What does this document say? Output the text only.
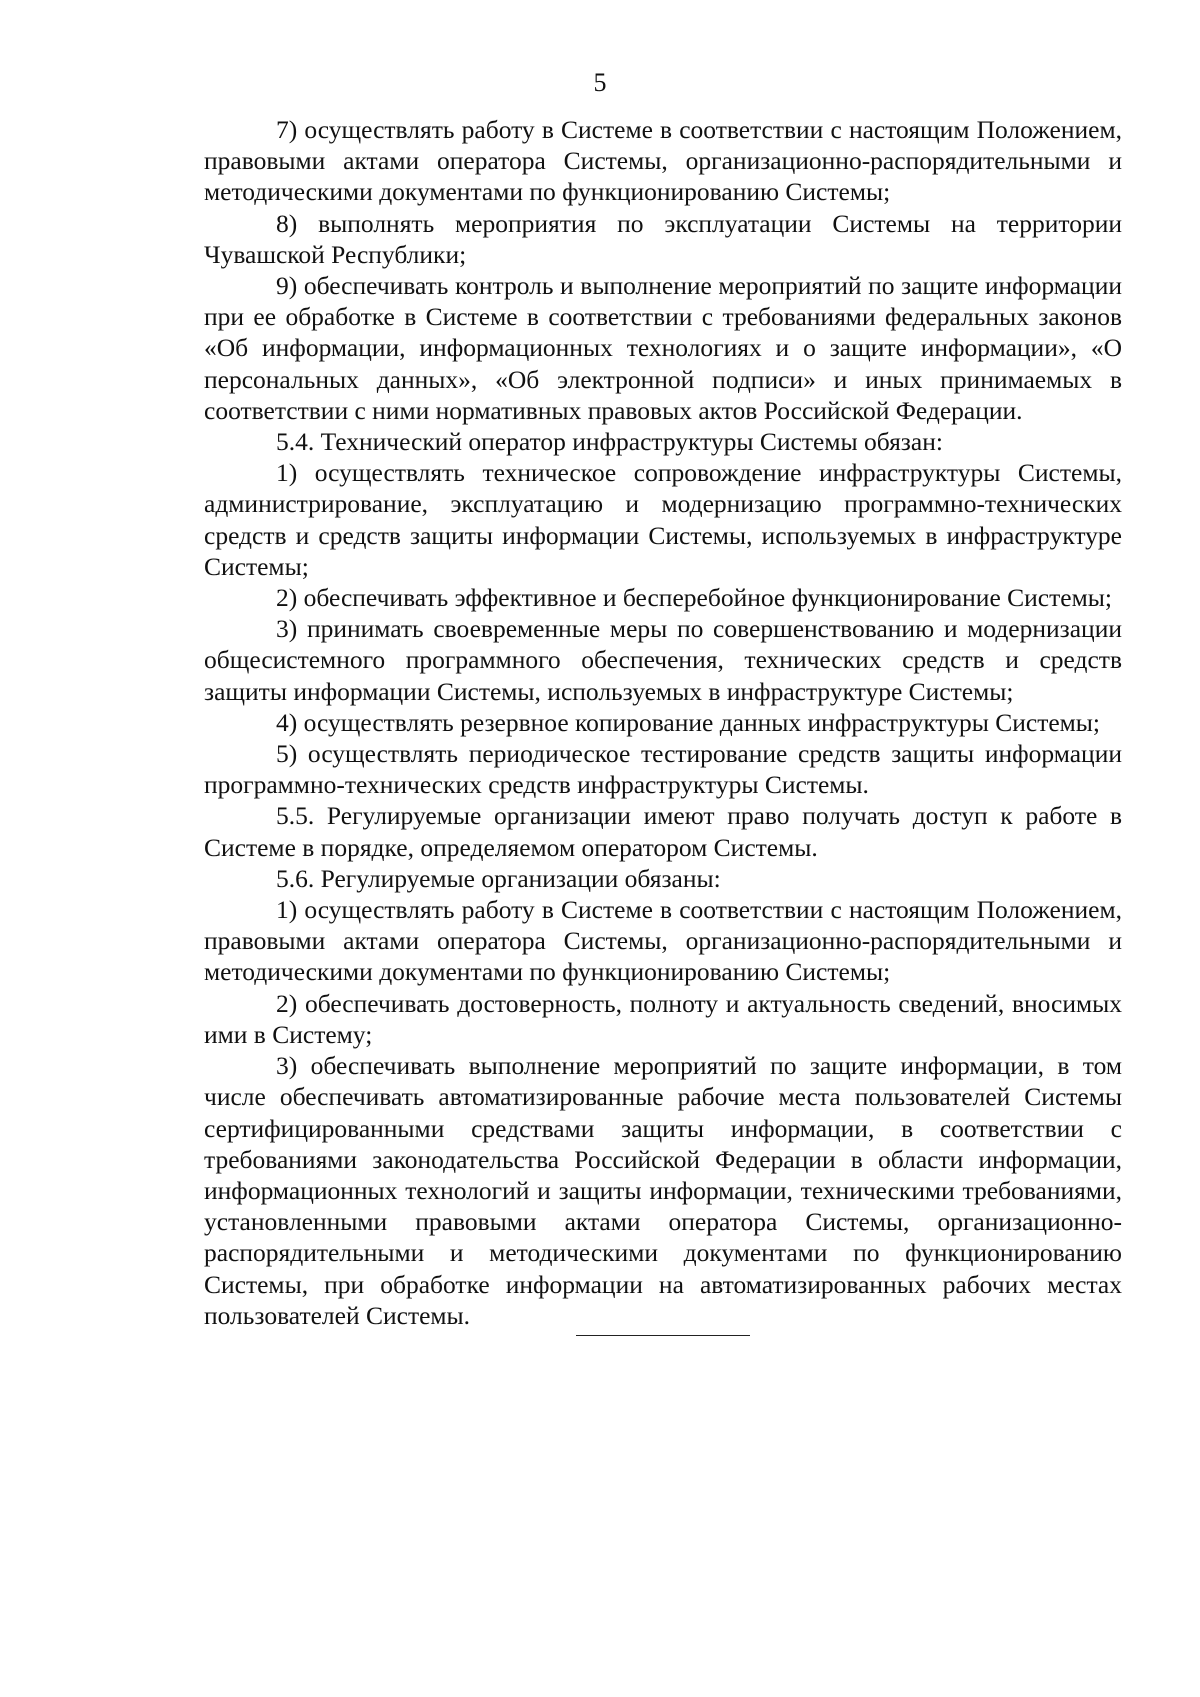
5

7) осуществлять работу в Системе в соответствии с настоящим Положением, правовыми актами оператора Системы, организационно-распорядительными и методическими документами по функционированию Системы;

8) выполнять мероприятия по эксплуатации Системы на территории Чувашской Республики;

9) обеспечивать контроль и выполнение мероприятий по защите информации при ее обработке в Системе в соответствии с требованиями федеральных законов «Об информации, информационных технологиях и о защите информации», «О персональных данных», «Об электронной подписи» и иных принимаемых в соответствии с ними нормативных правовых актов Российской Федерации.

5.4. Технический оператор инфраструктуры Системы обязан:

1) осуществлять техническое сопровождение инфраструктуры Системы, администрирование, эксплуатацию и модернизацию программно-технических средств и средств защиты информации Системы, используемых в инфраструктуре Системы;

2) обеспечивать эффективное и бесперебойное функционирование Системы;

3) принимать своевременные меры по совершенствованию и модернизации общесистемного программного обеспечения, технических средств и средств защиты информации Системы, используемых в инфраструктуре Системы;

4) осуществлять резервное копирование данных инфраструктуры Системы;

5) осуществлять периодическое тестирование средств защиты информации программно-технических средств инфраструктуры Системы.

5.5. Регулируемые организации имеют право получать доступ к работе в Системе в порядке, определяемом оператором Системы.

5.6. Регулируемые организации обязаны:

1) осуществлять работу в Системе в соответствии с настоящим Положением, правовыми актами оператора Системы, организационно-распорядительными и методическими документами по функционированию Системы;

2) обеспечивать достоверность, полноту и актуальность сведений, вносимых ими в Систему;

3) обеспечивать выполнение мероприятий по защите информации, в том числе обеспечивать автоматизированные рабочие места пользователей Системы сертифицированными средствами защиты информации, в соответствии с требованиями законодательства Российской Федерации в области информации, информационных технологий и защиты информации, техническими требованиями, установленными правовыми актами оператора Системы, организационно-распорядительными и методическими документами по функционированию Системы, при обработке информации на автоматизированных рабочих местах пользователей Системы.
